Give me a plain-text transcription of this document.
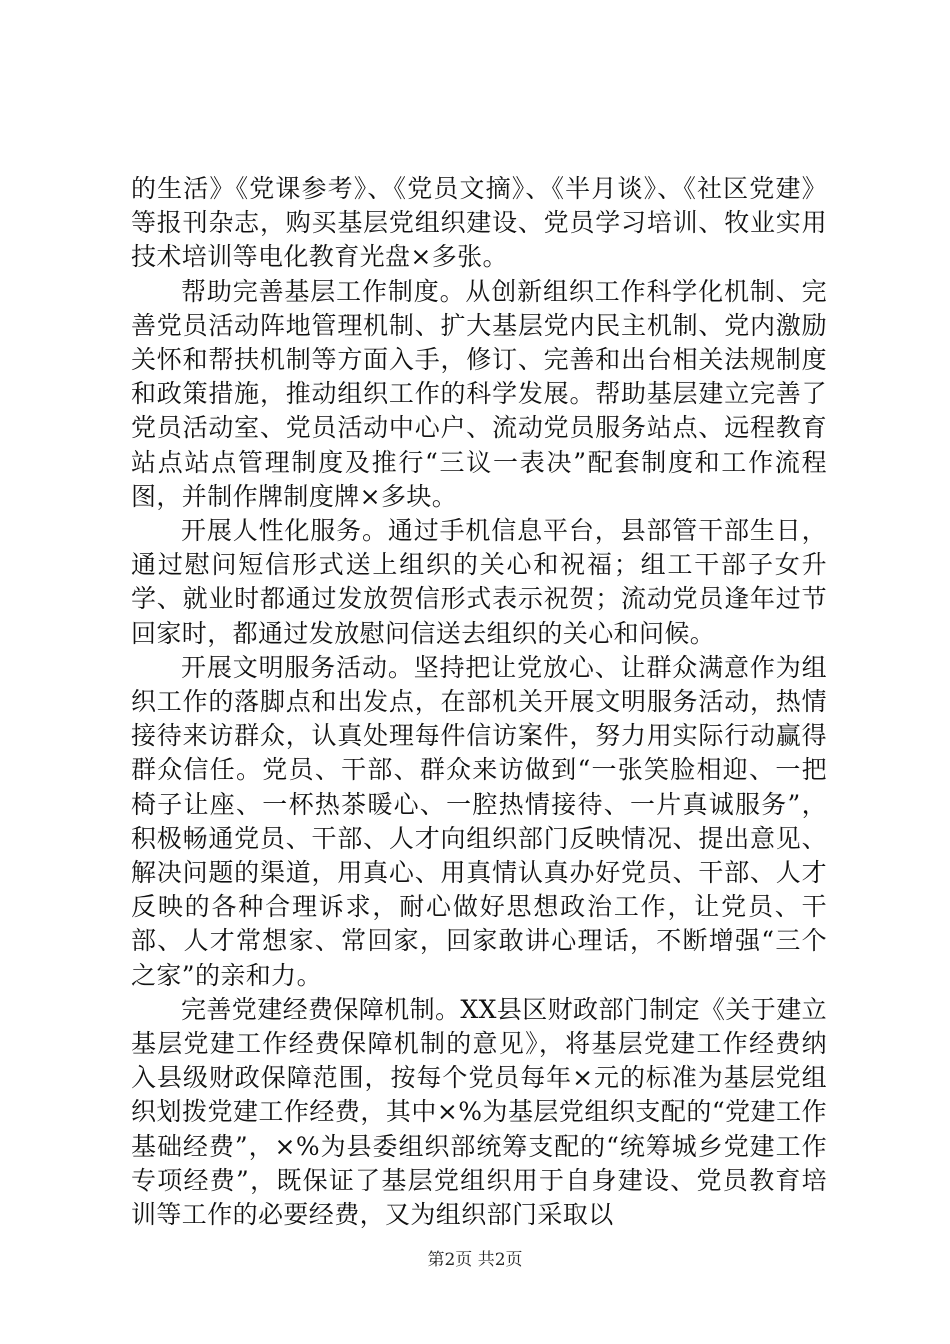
的生活》《党课参考》、《党员文摘》、《半月谈》、《社区党建》等报刊杂志，购买基层党组织建设、党员学习培训、牧业实用技术培训等电化教育光盘×多张。

帮助完善基层工作制度。从创新组织工作科学化机制、完善党员活动阵地管理机制、扩大基层党内民主机制、党内激励关怀和帮扶机制等方面入手，修订、完善和出台相关法规制度和政策措施，推动组织工作的科学发展。帮助基层建立完善了党员活动室、党员活动中心户、流动党员服务站点、远程教育站点站点管理制度及推行“三议一表决”配套制度和工作流程图，并制作牌制度牌×多块。

开展人性化服务。通过手机信息平台，县部管干部生日，通过慰问短信形式送上组织的关心和祝福；组工干部子女升学、就业时都通过发放贺信形式表示祝贺；流动党员逢年过节回家时，都通过发放慰问信送去组织的关心和问候。

开展文明服务活动。坚持把让党放心、让群众满意作为组织工作的落脚点和出发点，在部机关开展文明服务活动，热情接待来访群众，认真处理每件信访案件，努力用实际行动赢得群众信任。党员、干部、群众来访做到“一张笑脸相迎、一把椅子让座、一杯热茶暖心、一腔热情接待、一片真诚服务”，积极畅通党员、干部、人才向组织部门反映情况、提出意见、解决问题的渠道，用真心、用真情认真办好党员、干部、人才反映的各种合理诉求，耐心做好思想政治工作，让党员、干部、人才常想家、常回家，回家敢讲心理话，不断增强“三个之家”的亲和力。

完善党建经费保障机制。XX县区财政部门制定《关于建立基层党建工作经费保障机制的意见》，将基层党建工作经费纳入县级财政保障范围，按每个党员每年×元的标准为基层党组织划拨党建工作经费，其中×%为基层党组织支配的“党建工作基础经费”，×%为县委组织部统筹支配的“统筹城乡党建工作专项经费”，既保证了基层党组织用于自身建设、党员教育培训等工作的必要经费，又为组织部门采取以

第2页 共2页
